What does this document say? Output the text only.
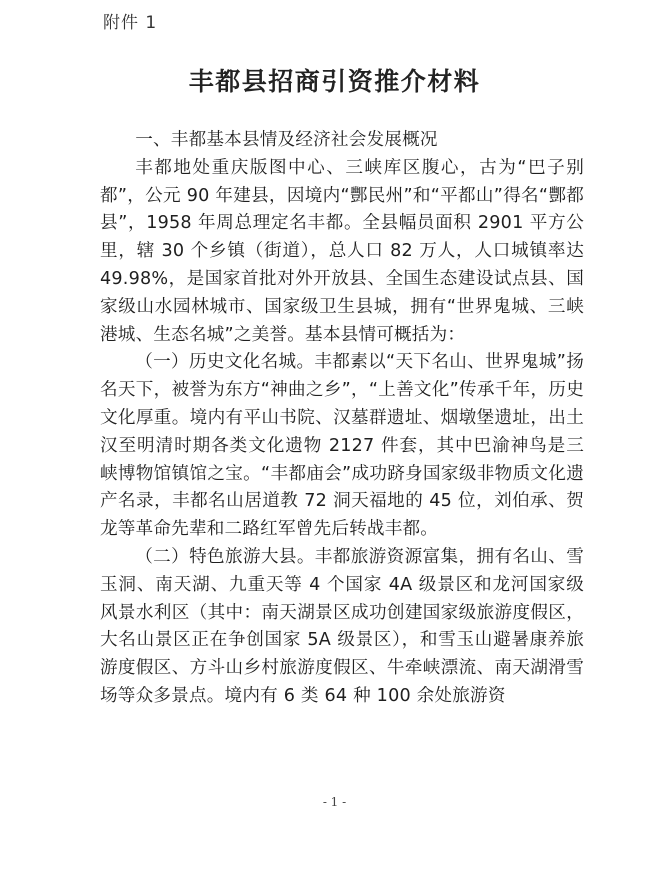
附件 1
丰都县招商引资推介材料

一、丰都基本县情及经济社会发展概况

丰都地处重庆版图中心、三峡库区腹心，古为“巴子别都”，公元 90 年建县，因境内“酆民州”和“平都山”得名“酆都县”，1958 年周总理定名丰都。全县幅员面积 2901 平方公里，辖 30 个乡镇（街道），总人口 82 万人，人口城镇率达 49.98%，是国家首批对外开放县、全国生态建设试点县、国家级山水园林城市、国家级卫生县城，拥有“世界鬼城、三峡港城、生态名城”之美誉。基本县情可概括为：

（一）历史文化名城。丰都素以“天下名山、世界鬼城”扬名天下，被誉为东方“神曲之乡”，“上善文化”传承千年，历史文化厚重。境内有平山书院、汉墓群遗址、烟墩堡遗址，出土汉至明清时期各类文化遗物 2127 件套，其中巴渝神鸟是三峡博物馆镇馆之宝。“丰都庙会”成功跻身国家级非物质文化遗产名录，丰都名山居道教 72 洞天福地的 45 位，刘伯承、贺龙等革命先辈和二路红军曾先后转战丰都。

（二）特色旅游大县。丰都旅游资源富集，拥有名山、雪玉洞、南天湖、九重天等 4 个国家 4A 级景区和龙河国家级风景水利区（其中：南天湖景区成功创建国家级旅游度假区，大名山景区正在争创国家 5A 级景区），和雪玉山避暑康养旅游度假区、方斗山乡村旅游度假区、牛牵峡漂流、南天湖滑雪场等众多景点。境内有 6 类 64 种 100 余处旅游资

- 1 -
